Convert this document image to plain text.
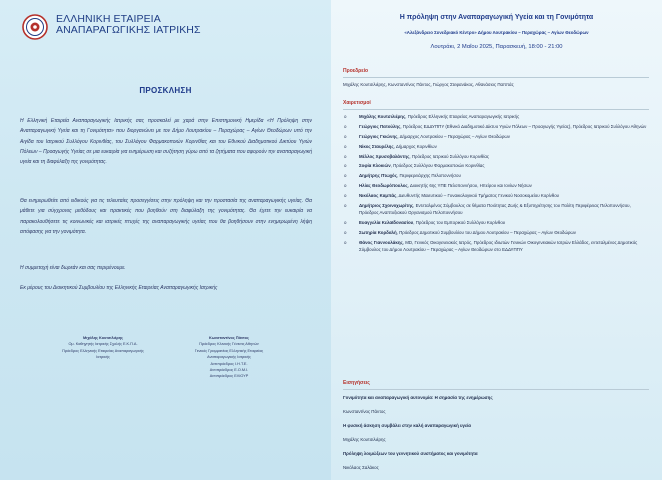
ΕΛΛΗΝΙΚΗ ΕΤΑΙΡΕΙΑ
ΑΝΑΠΑΡΑΓΩΓΙΚΗΣ ΙΑΤΡΙΚΗΣ
ΠΡΟΣΚΛΗΣΗ

Η Ελληνική Εταιρεία Αναπαραγωγικής Ιατρικής σας προσκαλεί με χαρά στην Επιστημονική Ημερίδα «Η Πρόληψη στην Αναπαραγωγική Υγεία και τη Γονιμότητα» που διοργανώνει με τον Δήμο Λουτρακίου – Περαχώρας – Αγίων Θεοδώρων υπό την Αιγίδα του Ιατρικού Συλλόγου Κορινθίας, του Συλλόγου Φαρμακοποιών Κορινθίας και του Εθνικού Διαδημοτικού Δικτύου Υγιών Πόλεων – Προαγωγής Υγείας σε μια ευκαιρία για ενημέρωση και συζήτηση γύρω από τα ζητήματα που αφορούν την αναπαραγωγική υγεία και τη διαφύλαξη της γονιμότητας.

Θα ενημερωθείτε από ειδικούς για τις τελευταίες προσεγγίσεις στην πρόληψη και την προστασία της αναπαραγωγικής υγείας. Θα μάθετε για σύγχρονες μεθόδους και πρακτικές που βοηθούν στη διαφύλαξη της γονιμότητας. Θα έχετε την ευκαιρία να παρακολουθήσετε τις κοινωνικές και ιατρικές πτυχές της αναπαραγωγικής υγείας που θα βοηθήσουν στην ενημερωμένη λήψη απόφασης για την γονιμότητα.

Η συμμετοχή είναι δωρεάν και σας περιμένουμε.

Εκ μέρους του Διοικητικού Συμβουλίου της Ελληνικής Εταιρείας Αναπαραγωγικής Ιατρικής

Μιχάλης Κουτσιλιέρης
Ομ. Καθηγητής Ιατρικής Σχολής Ε.Κ.Π.Α.
Πρόεδρος Ελληνικής Εταιρείας Αναπαραγωγικής
Ιατρικής
Κωνσταντίνος Πάντος
Πρόεδρος Κλινικής Γένεσις Αθηνών
Γενικός Γραμματέας Ελληνικής Εταιρείας
Αναπαραγωγικής Ιατρικής
Αντιπρόεδρος Ι.Η.Τ.Ε.
Αντιπρόεδρος Ε.Ο.Μ.Ι.
Αντιπρόεδρος ΕΛΙΟΥΡ
Η πρόληψη στην Αναπαραγωγική Υγεία και τη Γονιμότητα
«Αλεξάνδρειο Συνεδριακό Κέντρο» Δήμου Λουτρακίου – Περαχώρας – Αγίων Θεοδώρων
Λουτράκι, 2 Μαΐου 2025, Παρασκευή, 18:00 - 21:00
Προεδρείο
Μιχάλης Κουτσιλιέρης, Κωνσταντίνος Πάντος, Γιώργος Στεφανάκος, Αθανάσιος Παππάς
Χαιρετισμοί
o Μιχάλης Κουτσιλιέρης, Πρόεδρος Ελληνικής Εταιρείας Αναπαραγωγικής Ιατρικής
o Γεώργιος Πατούλης, Πρόεδρος ΕΔΔΥΠΠΥ (Εθνικό Διαδημοτικό Δίκτυο Υγιών Πόλεων – Προαγωγής Υγείας), Πρόεδρος Ιατρικού Συλλόγου Αθηνών
o Γεώργιος Γκιώνης, Δήμαρχος Λουτρακίου – Περαχώρας – Αγίων Θεοδώρων
o Νίκος Σταυρέλης, Δήμαρχος Κορινθίων
o Μέλλος Χρυσοβαλάντης, Πρόεδρος Ιατρικού Συλλόγου Κορινθίας
o Σοφία Κλοκιών, Πρόεδρος Συλλόγου Φαρμακοποιών Κορινθίας
o Δημήτρης Πτωχός, Περιφερειάρχης Πελοποννήσου
o Ηλίας Θεοδωρόπουλος, Διοικητής 6ης ΥΠΕ Πελοποννήσου, Ηπείρου και Ιονίων Νήσων
o Νικόλαος Καμπάς, Διευθυντής Μαιευτικού – Γυναικολογικού Τμήματος Γενικού Νοσοκομείου Κορίνθου
o Δημήτριος Σχοινοχωρίτης, Εντεταλμένος Σύμβουλος σε θέματα Ποιότητας Ζωής & Εξυπηρέτησης του Πολίτη Περιφέρειας Πελοποννήσου, Πρόεδρος Αναπτυξιακού Οργανισμού Πελοποννήσου
o Ευαγγελία Κελαϊδονασίου, Πρόεδρος του Εμπορικού Συλλόγου Κορίνθου
o Σωτηρία Κορδαλή, Πρόεδρος Δημοτικού Συμβουλίου του Δήμου Λουτρακίου – Περαχώρας – Αγίων Θεοδώρων
o Θάνος Γιαννουλάκης, MD, Γενικός Οικογενειακός Ιατρός, Πρόεδρος ιδιωτών Γενικών Οικογενειακών Ιατρών Ελλάδος, εντεταλμένος Δημοτικός Σύμβουλος του Δήμου Λουτρακίου – Περαχώρας – Αγίων Θεοδώρων στο ΕΔΔΥΠΠΥ
Εισηγήσεις
Γονιμότητα και αναπαραγωγική αυτονομία: Η σημασία της ενημέρωσης
Κωνσταντίνος Πάντος
Η φυσική άσκηση συμβάλει στην καλή αναπαραγωγική υγεία
Μιχάλης Κουτσιλιέρης
Πρόληψη λοιμώξεων του γεννητικού συστήματος και γονιμότητα
Νικόλαος Σαλάκος
